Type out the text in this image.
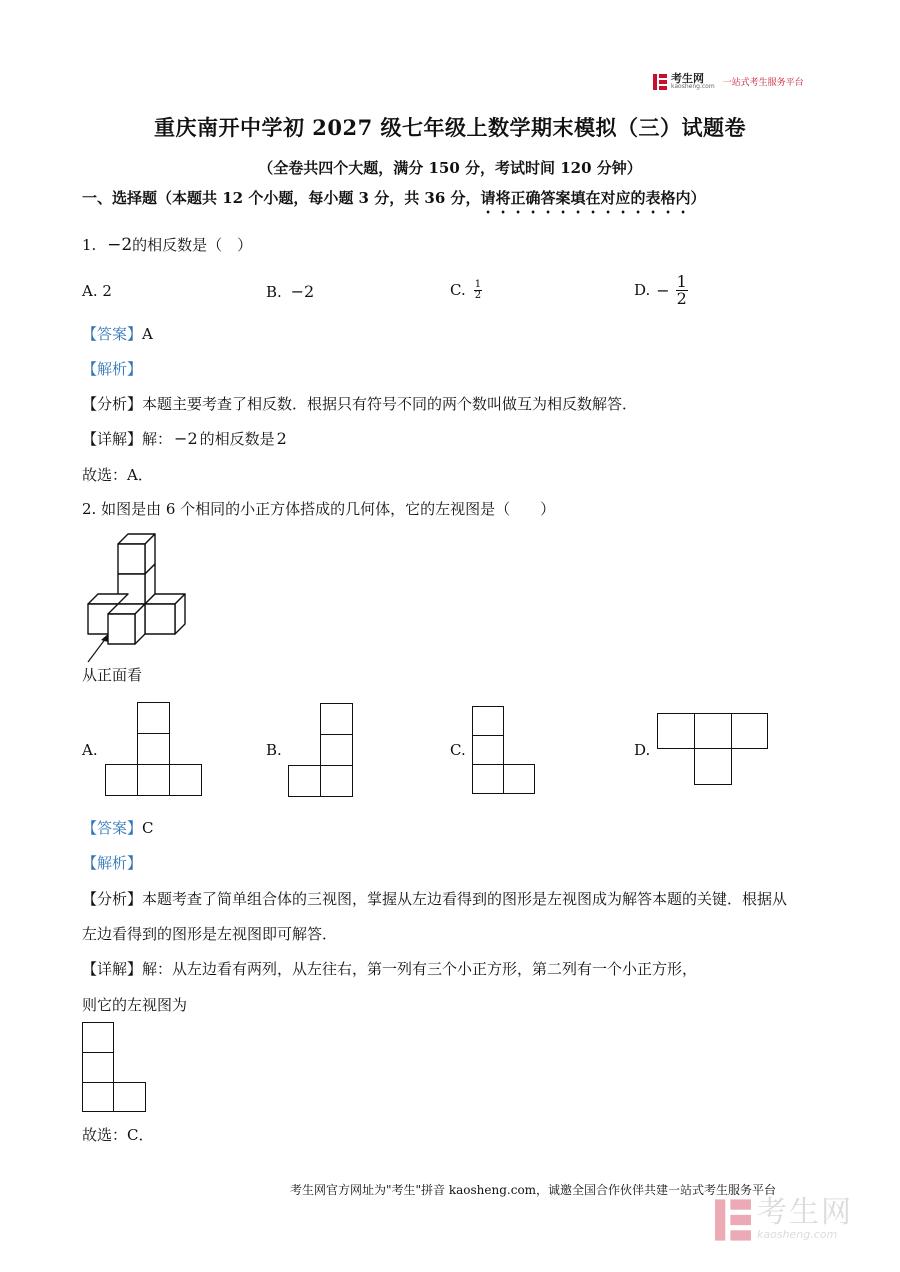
考生网
kaosheng.com 一站式考生服务平台
重庆南开中学初 2027 级七年级上数学期末模拟（三）试题卷
（全卷共四个大题，满分 150 分，考试时间 120 分钟）
一、选择题（本题共 12 个小题，每小题 3 分，共 36 分，请将正确答案填在对应的表格内）
1. −2的相反数是（　）
A. 2	B. −2	C. $\frac{1}{2}$	D. − $\frac{1}{2}$
【答案】A
【解析】
【分析】本题主要考查了相反数．根据只有符号不同的两个数叫做互为相反数解答．
【详解】解： −2 的相反数是 2
故选：A．
2. 如图是由 6 个相同的小正方体搭成的几何体，它的左视图是（　　）
从正面看
A.	B.	C.	D.
【答案】C
【解析】
【分析】本题考查了简单组合体的三视图，掌握从左边看得到的图形是左视图成为解答本题的关键．根据从
左边看得到的图形是左视图即可解答．
【详解】解：从左边看有两列，从左往右，第一列有三个小正方形，第二列有一个小正方形，
则它的左视图为
故选：C．
考生网官方网址为"考生"拼音 kaosheng.com，诚邀全国合作伙伴共建一站式考生服务平台
考生网
kaosheng.com
